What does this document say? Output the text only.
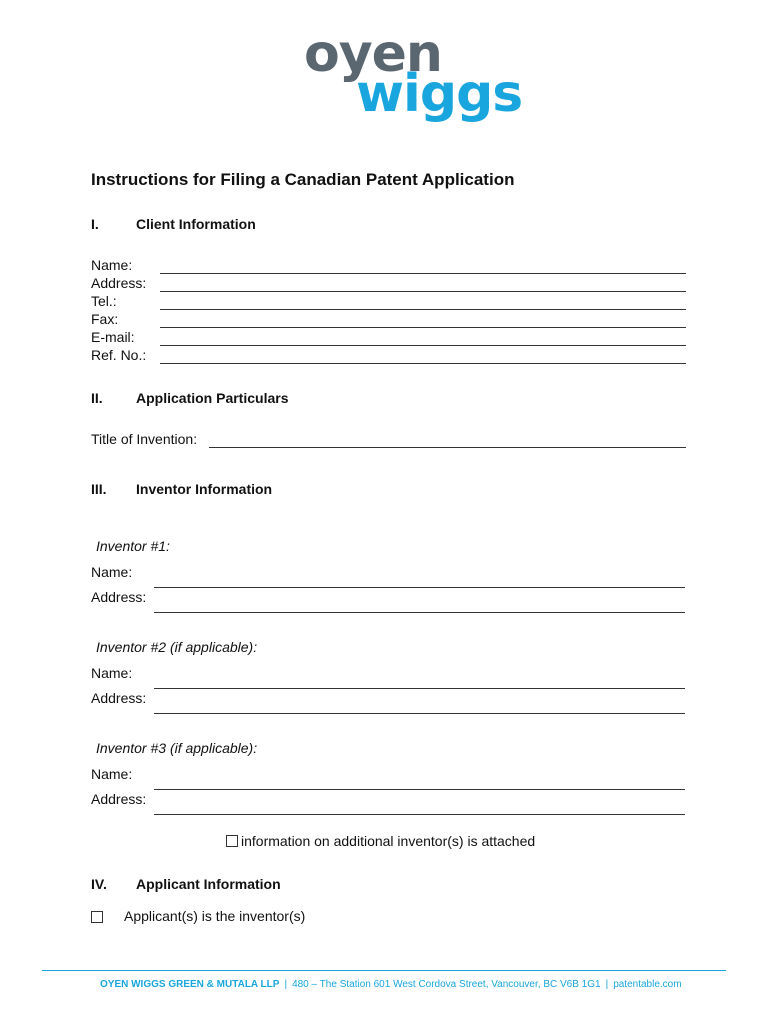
oyen
wiggs
Instructions for Filing a Canadian Patent Application
I.	Client Information
Name:
Address:
Tel.:
Fax:
E-mail:
Ref. No.:
II. Application Particulars
Title of Invention:
III. Inventor Information
Inventor #1:
Name:
Address:
Inventor #2 (if applicable):
Name:
Address:
Inventor #3 (if applicable):
Name:
Address:
information on additional inventor(s) is attached
IV. Applicant Information
Applicant(s) is the inventor(s)
OYEN WIGGS GREEN & MUTALA LLP | 480 – The Station 601 West Cordova Street, Vancouver, BC V6B 1G1 | patentable.com
